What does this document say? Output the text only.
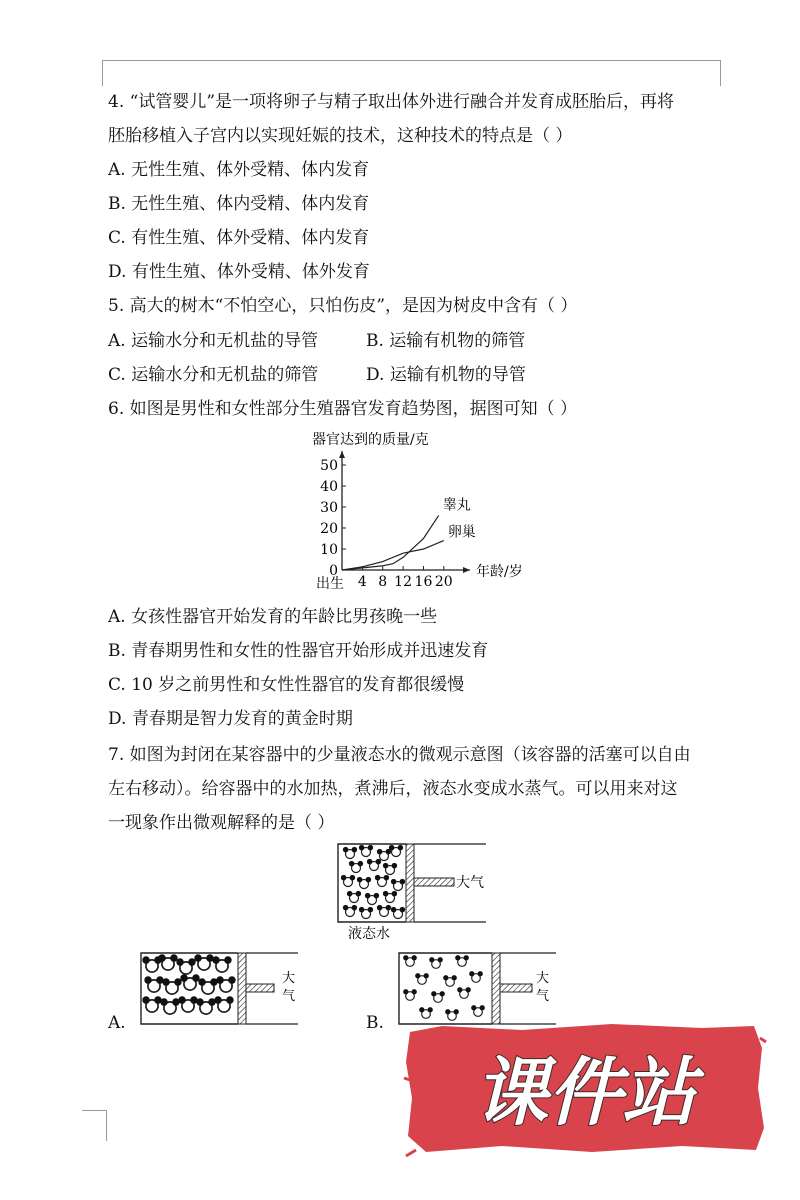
4. “试管婴儿”是一项将卵子与精子取出体外进行融合并发育成胚胎后，再将
胚胎移植入子宫内以实现妊娠的技术，这种技术的特点是（ ）
A. 无性生殖、体外受精、体内发育
B. 无性生殖、体内受精、体内发育
C. 有性生殖、体外受精、体内发育
D. 有性生殖、体外受精、体外发育
5. 高大的树木“不怕空心，只怕伤皮”，是因为树皮中含有（ ）
A. 运输水分和无机盐的导管	B. 运输有机物的筛管
C. 运输水分和无机盐的筛管	D. 运输有机物的导管
6. 如图是男性和女性部分生殖器官发育趋势图，据图可知（ ）
器官达到的质量/克
年龄/岁
0
10
20
30
40
50
4 8 12 16 20
出生
睾丸
卵巢
A. 女孩性器官开始发育的年龄比男孩晚一些
B. 青春期男性和女性的性器官开始形成并迅速发育
C. 10 岁之前男性和女性性器官的发育都很缓慢
D. 青春期是智力发育的黄金时期
7. 如图为封闭在某容器中的少量液态水的微观示意图（该容器的活塞可以自由
左右移动）。给容器中的水加热，煮沸后，液态水变成水蒸气。可以用来对这
一现象作出微观解释的是（ ）
大气
液态水
A.
大
气
B.
大
气
课件站
